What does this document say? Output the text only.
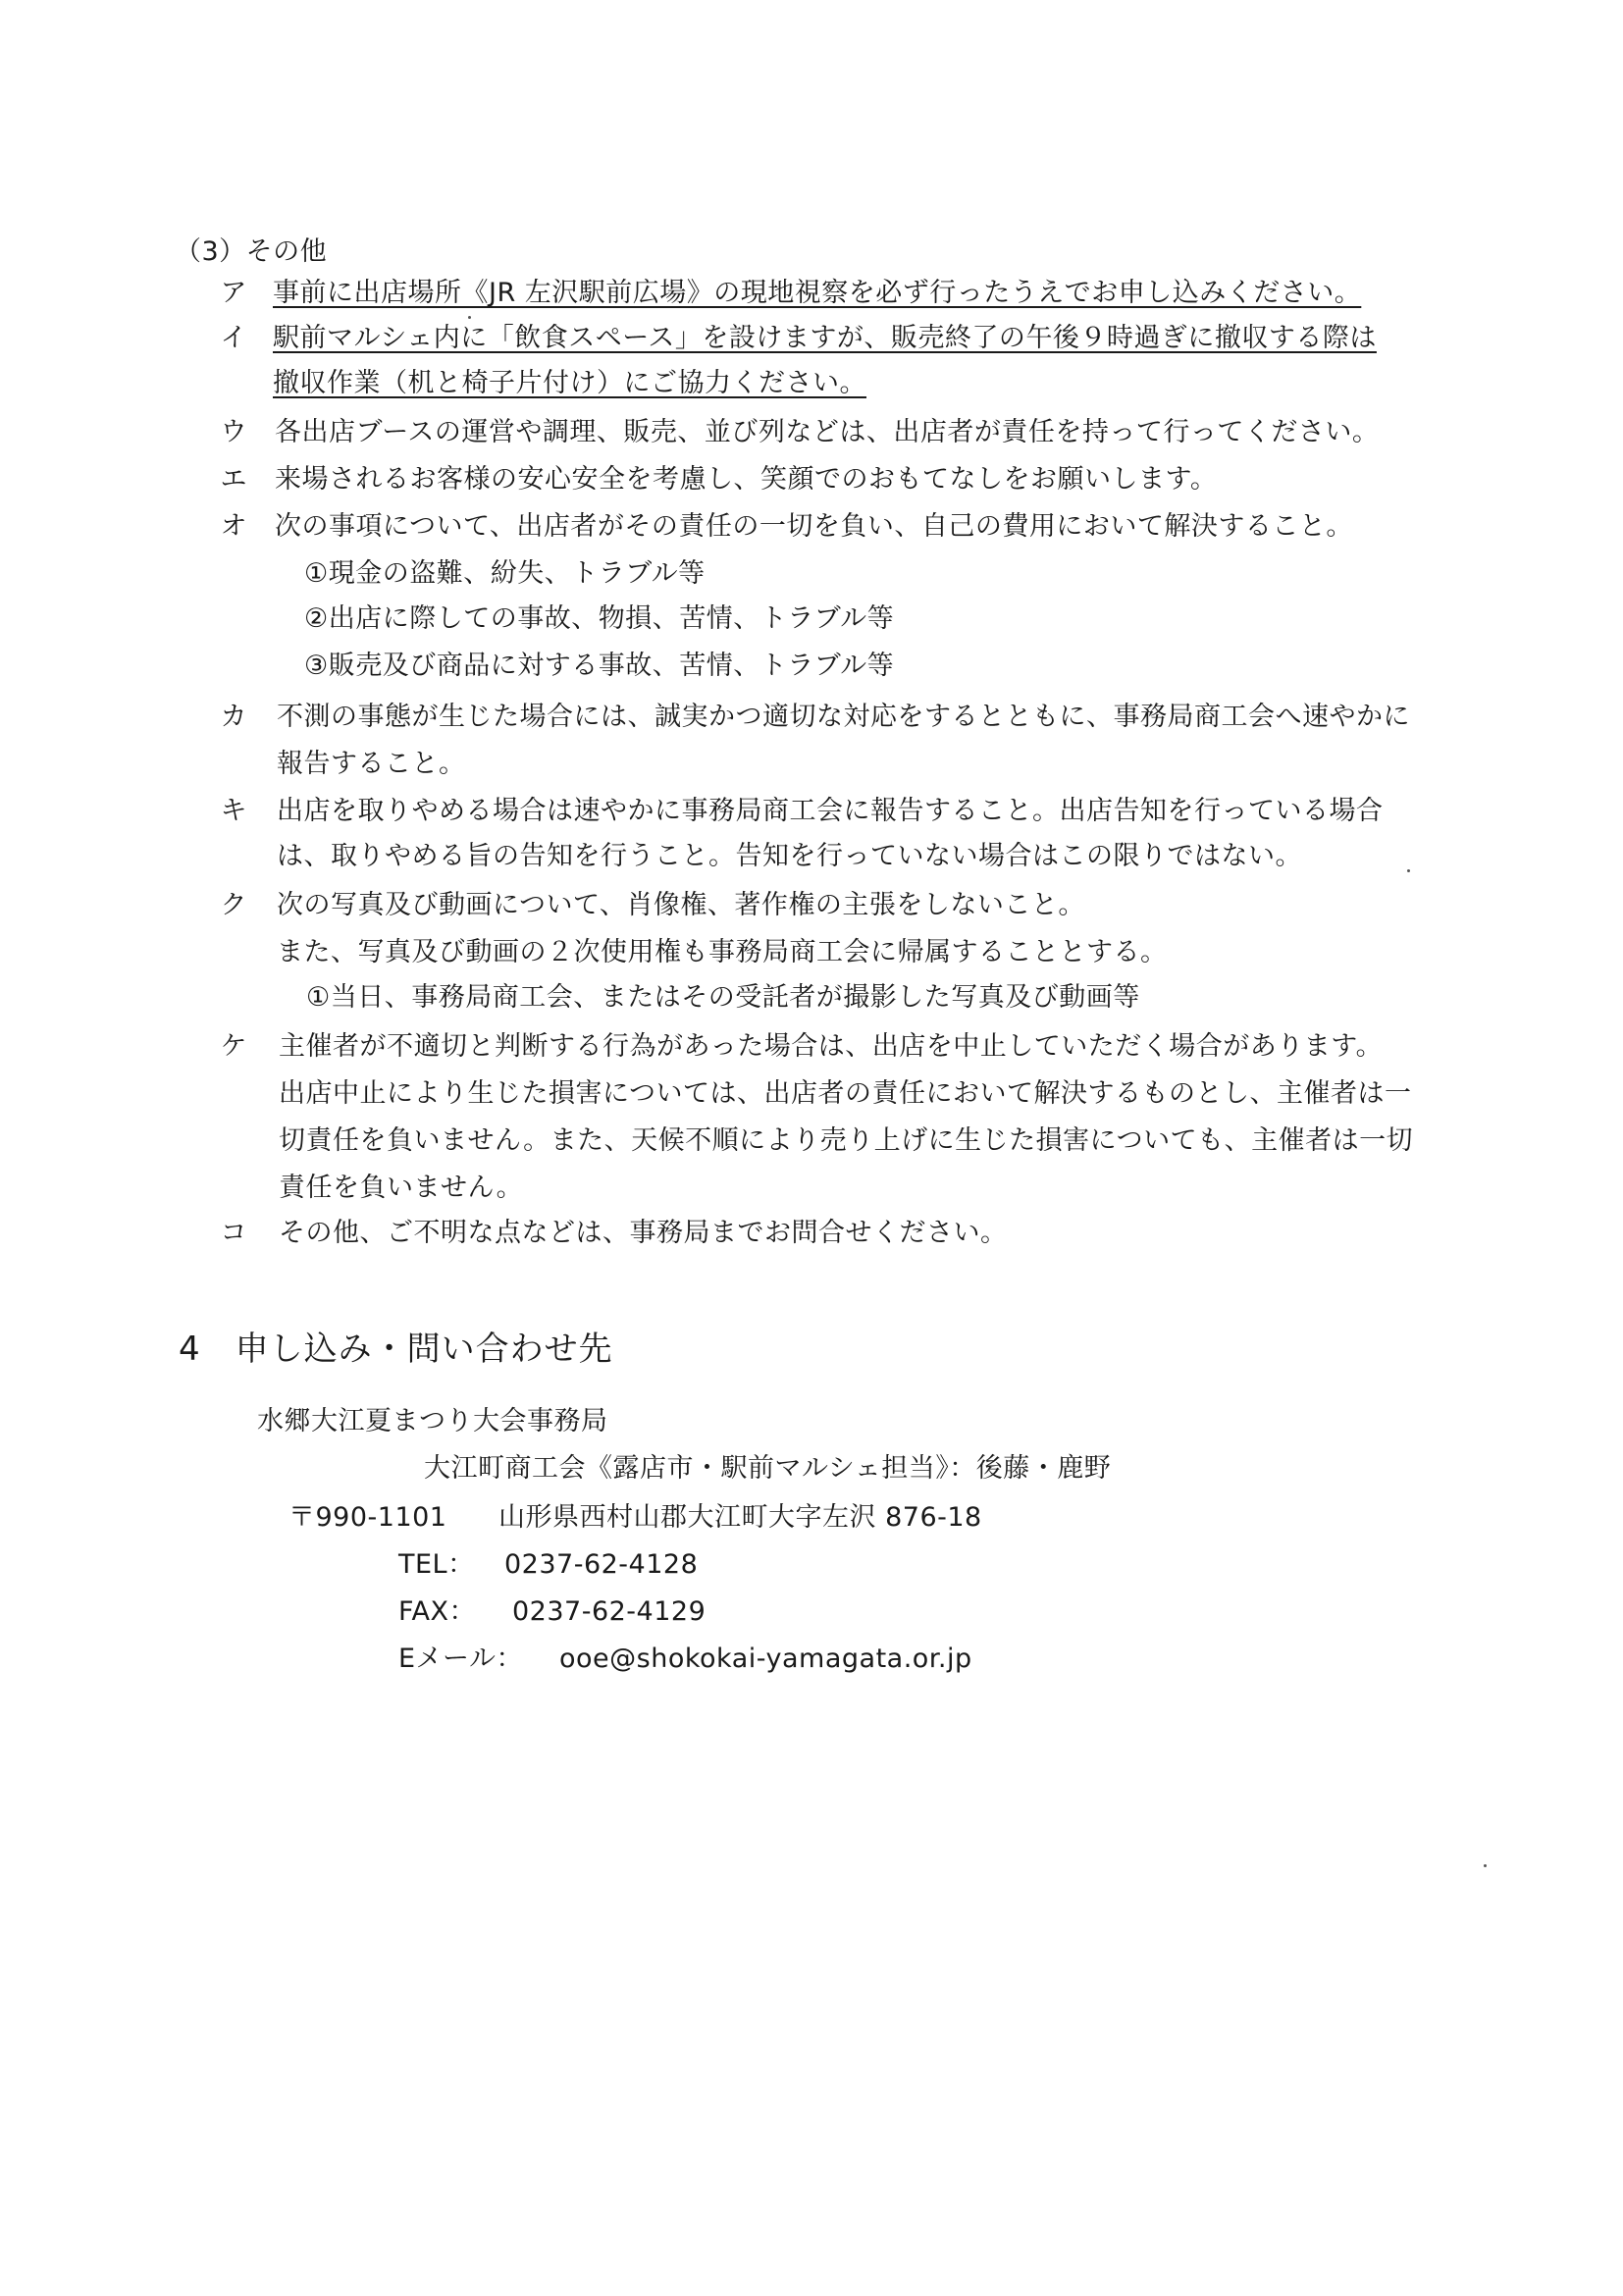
（3）その他
ア 事前に出店場所《JR 左沢駅前広場》の現地視察を必ず行ったうえでお申し込みください。
イ 駅前マルシェ内に「飲食スペース」を設けますが、販売終了の午後９時過ぎに撤収する際は
撤収作業（机と椅子片付け）にご協力ください。
ウ 各出店ブースの運営や調理、販売、並び列などは、出店者が責任を持って行ってください。
エ 来場されるお客様の安心安全を考慮し、笑顔でのおもてなしをお願いします。
オ 次の事項について、出店者がその責任の一切を負い、自己の費用において解決すること。
①現金の盗難、紛失、トラブル等
②出店に際しての事故、物損、苦情、トラブル等
③販売及び商品に対する事故、苦情、トラブル等
カ 不測の事態が生じた場合には、誠実かつ適切な対応をするとともに、事務局商工会へ速やかに
報告すること。
キ 出店を取りやめる場合は速やかに事務局商工会に報告すること。出店告知を行っている場合
は、取りやめる旨の告知を行うこと。告知を行っていない場合はこの限りではない。
ク 次の写真及び動画について、肖像権、著作権の主張をしないこと。
また、写真及び動画の２次使用権も事務局商工会に帰属することとする。
①当日、事務局商工会、またはその受託者が撮影した写真及び動画等
ケ 主催者が不適切と判断する行為があった場合は、出店を中止していただく場合があります。
出店中止により生じた損害については、出店者の責任において解決するものとし、主催者は一
切責任を負いません。また、天候不順により売り上げに生じた損害についても、主催者は一切
責任を負いません。
コ その他、ご不明な点などは、事務局までお問合せください。
4　申し込み・問い合わせ先
水郷大江夏まつり大会事務局
大江町商工会《露店市・駅前マルシェ担当》：後藤・鹿野
〒990-1101 山形県西村山郡大江町大字左沢 876-18
TEL： 0237-62-4128
FAX： 0237-62-4129
Eメール： ooe@shokokai-yamagata.or.jp
